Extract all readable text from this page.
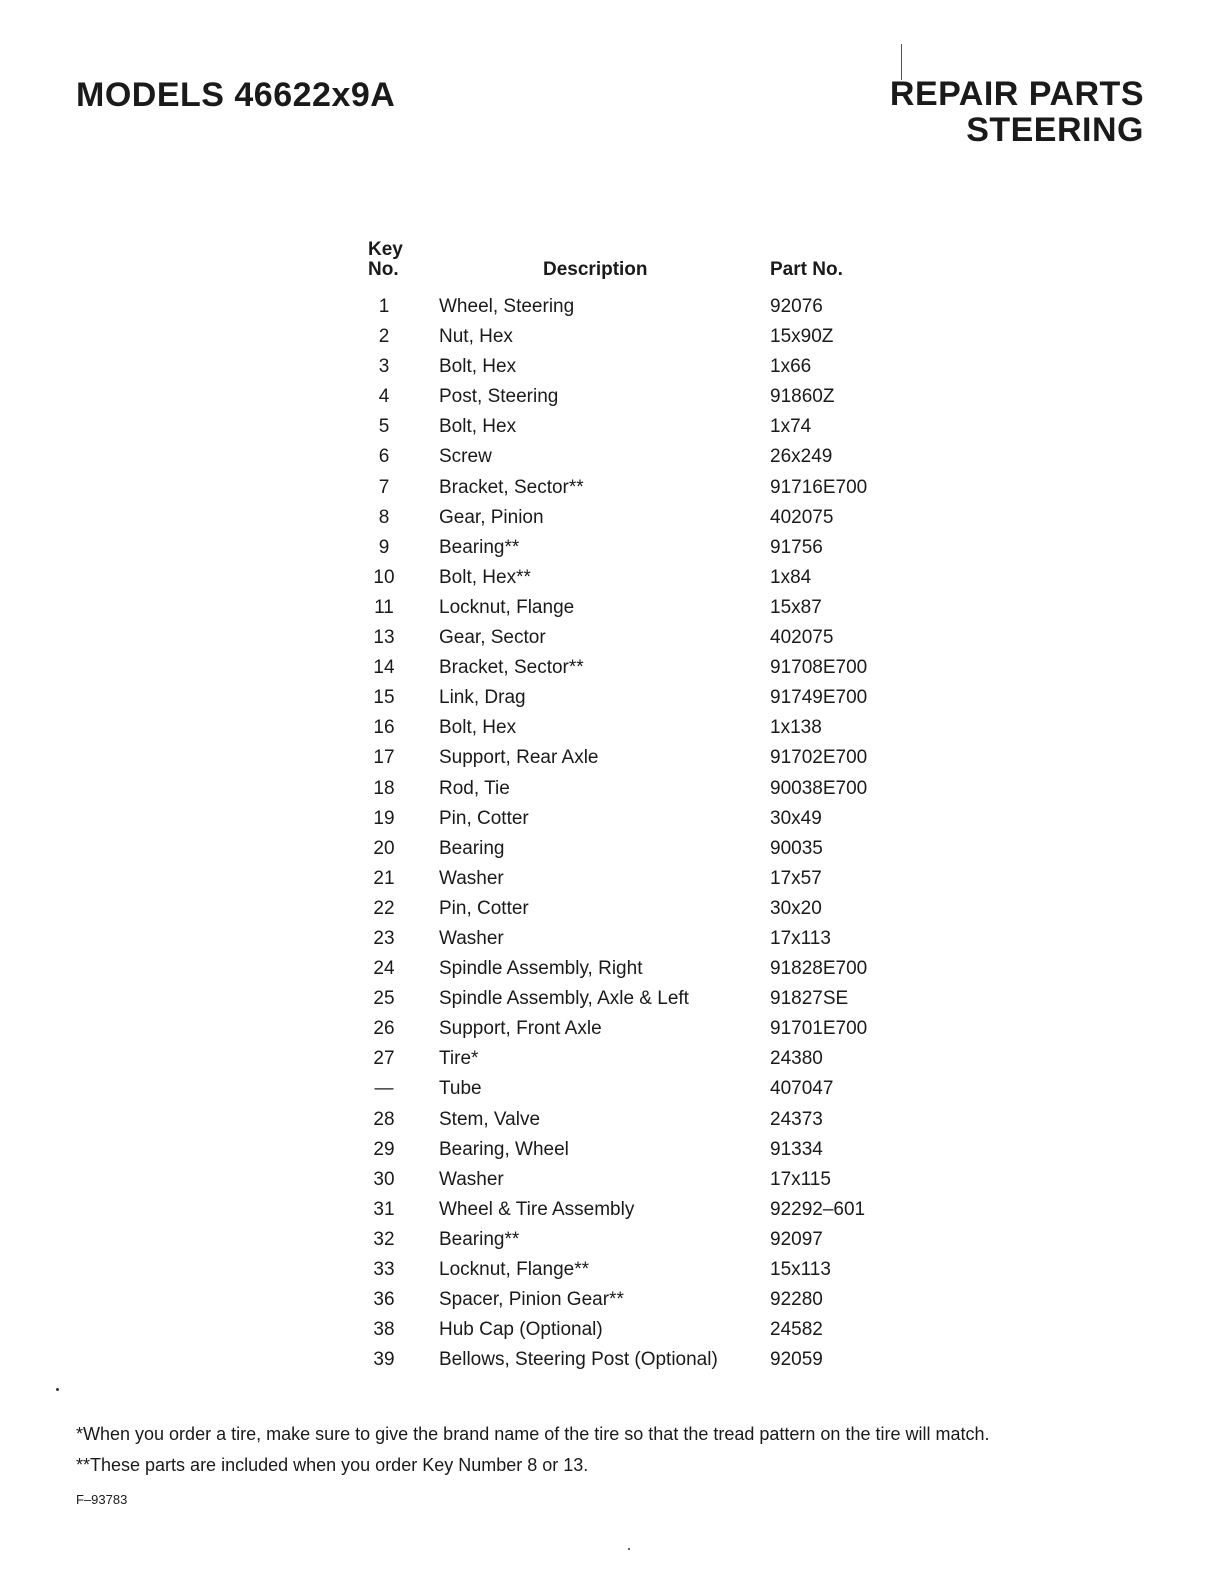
MODELS 46622x9A	REPAIR PARTS
STEERING
Key
No.	Description	Part No.
1	Wheel, Steering	92076
2	Nut, Hex	15x90Z
3	Bolt, Hex	1x66
4	Post, Steering	91860Z
5	Bolt, Hex	1x74
6	Screw	26x249
7	Bracket, Sector**	91716E700
8	Gear, Pinion	402075
9	Bearing**	91756
10	Bolt, Hex**	1x84
11	Locknut, Flange	15x87
13	Gear, Sector	402075
14	Bracket, Sector**	91708E700
15	Link, Drag	91749E700
16	Bolt, Hex	1x138
17	Support, Rear Axle	91702E700
18	Rod, Tie	90038E700
19	Pin, Cotter	30x49
20	Bearing	90035
21	Washer	17x57
22	Pin, Cotter	30x20
23	Washer	17x113
24	Spindle Assembly, Right	91828E700
25	Spindle Assembly, Axle & Left	91827SE
26	Support, Front Axle	91701E700
27	Tire*	24380
—	Tube	407047
28	Stem, Valve	24373
29	Bearing, Wheel	91334
30	Washer	17x115
31	Wheel & Tire Assembly	92292–601
32	Bearing**	92097
33	Locknut, Flange**	15x113
36	Spacer, Pinion Gear**	92280
38	Hub Cap (Optional)	24582
39	Bellows, Steering Post (Optional)	92059
*When you order a tire, make sure to give the brand name of the tire so that the tread pattern on the tire will match.
**These parts are included when you order Key Number 8 or 13.
F–93783
